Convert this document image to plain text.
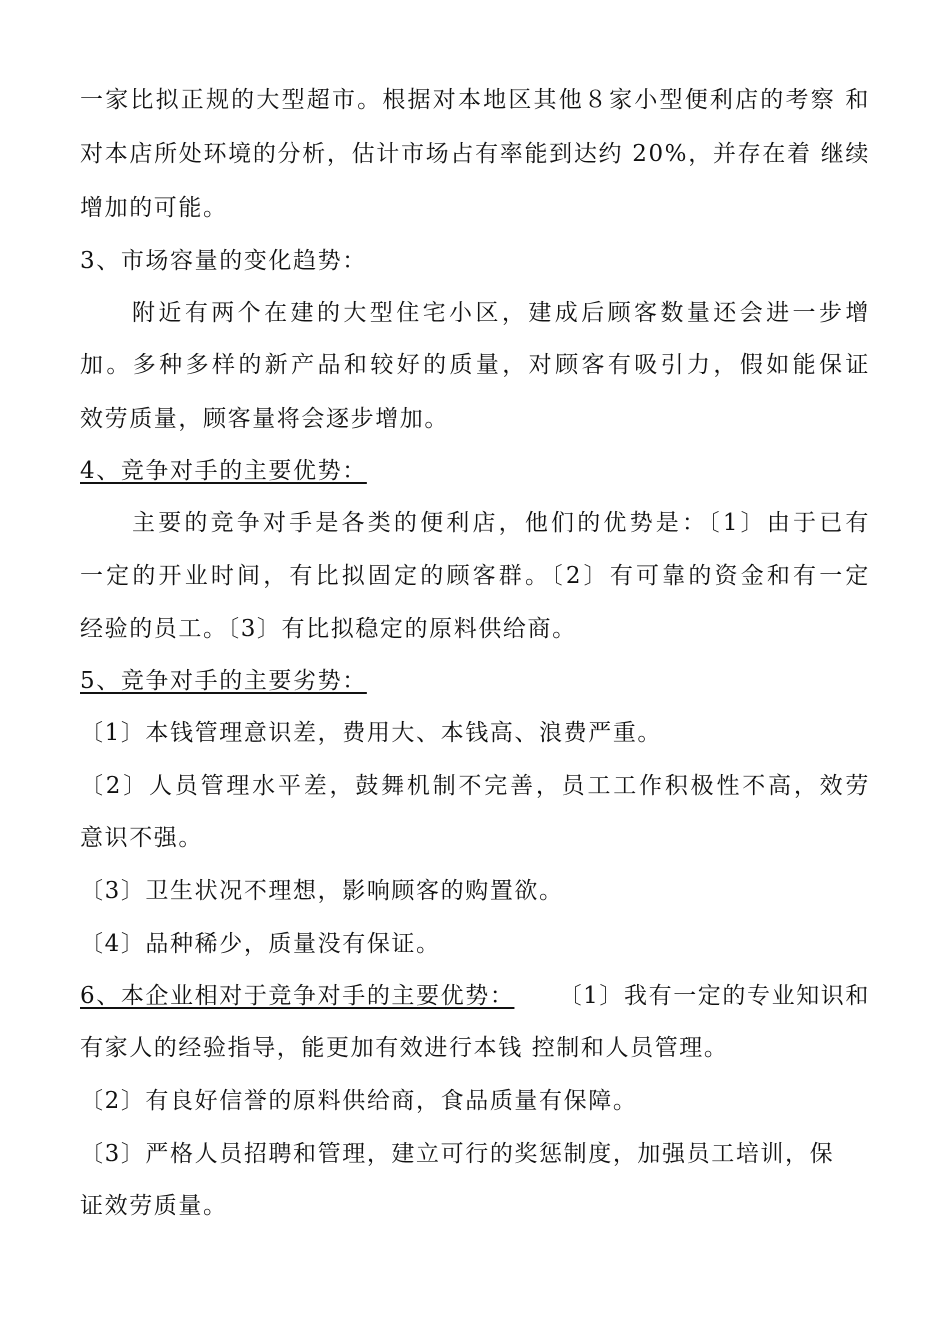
一家比拟正规的大型超市。根据对本地区其他８家小型便利店的考察 和
对本店所处环境的分析，估计市场占有率能到达约 20%，并存在着 继续
增加的可能。
3、市场容量的变化趋势：
附近有两个在建的大型住宅小区，建成后顾客数量还会进一步增
加。多种多样的新产品和较好的质量，对顾客有吸引力，假如能保证
效劳质量，顾客量将会逐步增加。
4、竞争对手的主要优势：
主要的竞争对手是各类的便利店，他们的优势是：〔1〕由于已有
一定的开业时间，有比拟固定的顾客群。〔2〕有可靠的资金和有一定
经验的员工。〔3〕有比拟稳定的原料供给商。
5、竞争对手的主要劣势：
〔1〕本钱管理意识差，费用大、本钱高、浪费严重。
〔2〕人员管理水平差，鼓舞机制不完善，员工工作积极性不高，效劳
意识不强。
〔3〕卫生状况不理想，影响顾客的购置欲。
〔4〕品种稀少，质量没有保证。
6、本企业相对于竞争对手的主要优势： 〔1〕我有一定的专业知识和
有家人的经验指导，能更加有效进行本钱 控制和人员管理。
〔2〕有良好信誉的原料供给商，食品质量有保障。
〔3〕严格人员招聘和管理，建立可行的奖惩制度，加强员工培训，保
证效劳质量。
